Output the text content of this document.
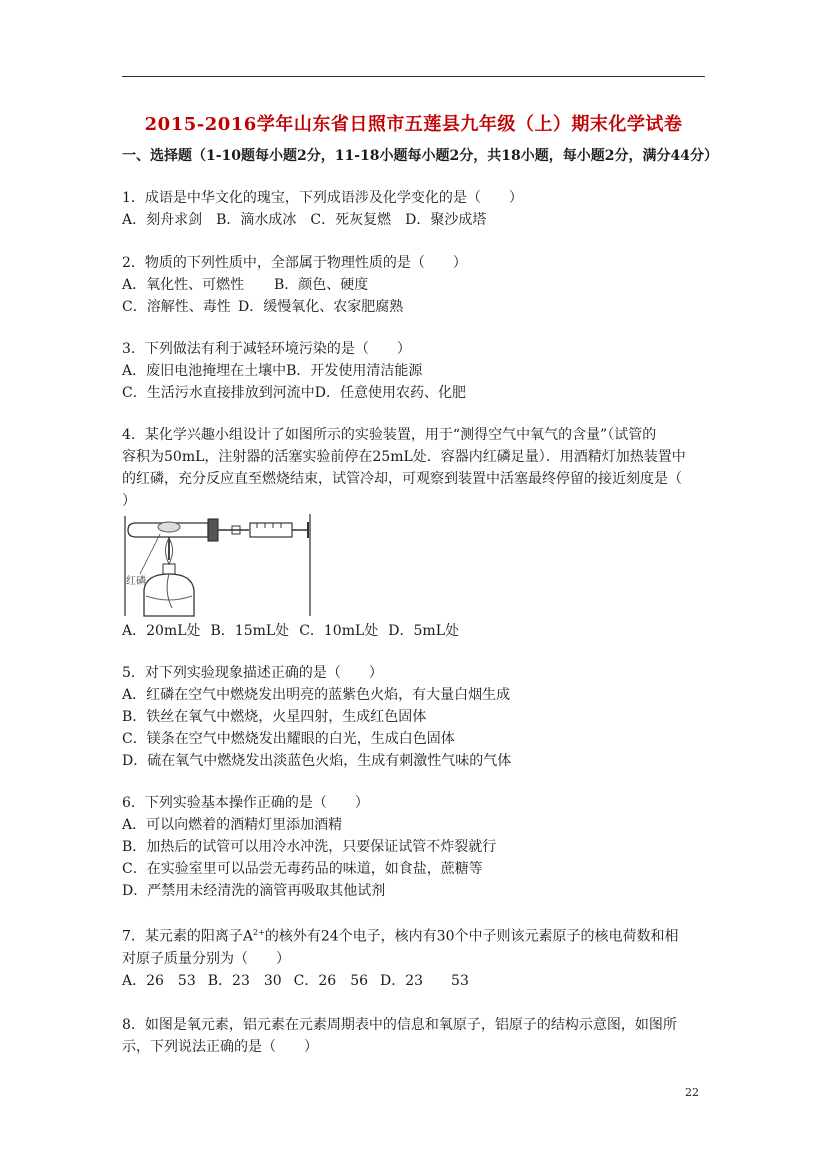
2015-2016学年山东省日照市五莲县九年级（上）期末化学试卷
一、选择题（1-10题每小题2分，11-18小题每小题2分，共18小题，每小题2分，满分44分）
1．成语是中华文化的瑰宝，下列成语涉及化学变化的是（　　）
A．刻舟求剑 B．滴水成冰 C．死灰复燃 D．聚沙成塔
2．物质的下列性质中，全部属于物理性质的是（　　）
A．氧化性、可燃性 B．颜色、硬度
C．溶解性、毒性 D．缓慢氧化、农家肥腐熟
3．下列做法有利于减轻环境污染的是（　　）
A．废旧电池掩埋在土壤中B．开发使用清洁能源
C．生活污水直接排放到河流中D．任意使用农药、化肥
4．某化学兴趣小组设计了如图所示的实验装置，用于“测得空气中氧气的含量”（试管的
容积为50mL，注射器的活塞实验前停在25mL处．容器内红磷足量）．用酒精灯加热装置中
的红磷，充分反应直至燃烧结束，试管冷却，可观察到装置中活塞最终停留的接近刻度是（
）
红磷
A．20mL处 B．15mL处 C．10mL处 D．5mL处
5．对下列实验现象描述正确的是（　　）
A．红磷在空气中燃烧发出明亮的蓝紫色火焰，有大量白烟生成
B．铁丝在氧气中燃烧，火星四射，生成红色固体
C．镁条在空气中燃烧发出耀眼的白光，生成白色固体
D．硫在氧气中燃烧发出淡蓝色火焰，生成有刺激性气味的气体
6．下列实验基本操作正确的是（　　）
A．可以向燃着的酒精灯里添加酒精
B．加热后的试管可以用冷水冲洗，只要保证试管不炸裂就行
C．在实验室里可以品尝无毒药品的味道，如食盐，蔗糖等
D．严禁用未经清洗的滴管再吸取其他试剂
7．某元素的阳离子$A^{2+}$的核外有24个电子，核内有30个中子则该元素原子的核电荷数和相
对原子质量分别为（　　）
A．26　53 B．23　30 C．26　56 D．23　　53
8．如图是氧元素，铝元素在元素周期表中的信息和氧原子，铝原子的结构示意图，如图所
示，下列说法正确的是（　　）
22
